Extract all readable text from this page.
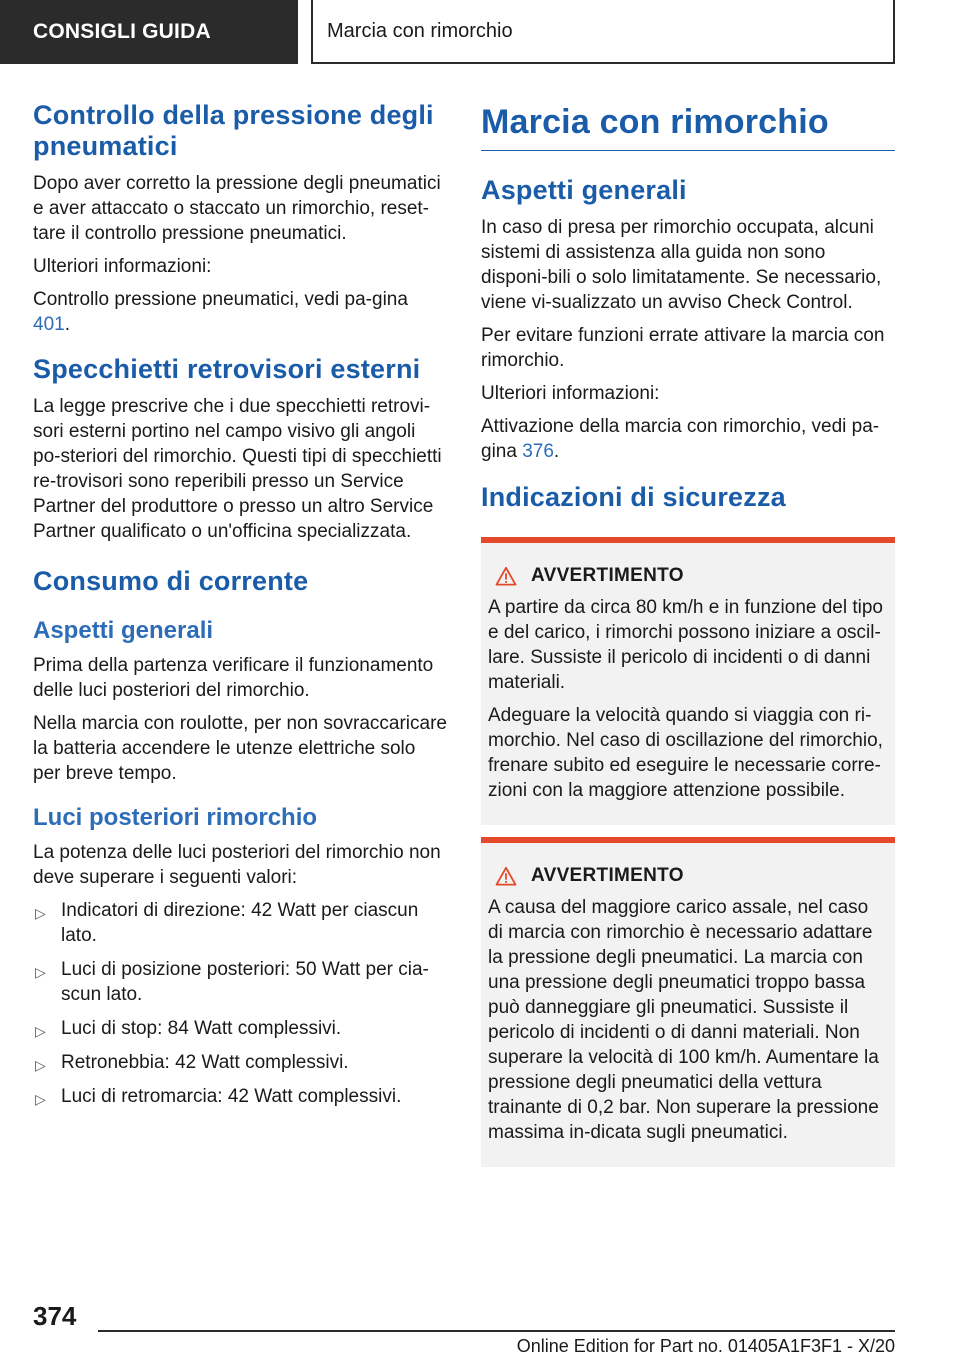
CONSIGLI GUIDA	Marcia con rimorchio
Controllo della pressione degli pneumatici

Dopo aver corretto la pressione degli pneumatici e aver attaccato o staccato un rimorchio, reset-tare il controllo pressione pneumatici.

Ulteriori informazioni:

Controllo pressione pneumatici, vedi pa-gina 401.

Specchietti retrovisori esterni

La legge prescrive che i due specchietti retrovi-sori esterni portino nel campo visivo gli angoli po-steriori del rimorchio. Questi tipi di specchietti re-trovisori sono reperibili presso un Service Partner del produttore o presso un altro Service Partner qualificato o un'officina specializzata.

Consumo di corrente
Aspetti generali

Prima della partenza verificare il funzionamento delle luci posteriori del rimorchio.

Nella marcia con roulotte, per non sovraccaricare la batteria accendere le utenze elettriche solo per breve tempo.

Luci posteriori rimorchio

La potenza delle luci posteriori del rimorchio non deve superare i seguenti valori:

▷ Indicatori di direzione: 42 Watt per ciascun lato.
▷ Luci di posizione posteriori: 50 Watt per cia-scun lato.
▷ Luci di stop: 84 Watt complessivi.
▷ Retronebbia: 42 Watt complessivi.
▷ Luci di retromarcia: 42 Watt complessivi.
Marcia con rimorchio
Aspetti generali

In caso di presa per rimorchio occupata, alcuni sistemi di assistenza alla guida non sono disponi-bili o solo limitatamente. Se necessario, viene vi-sualizzato un avviso Check Control.

Per evitare funzioni errate attivare la marcia con rimorchio.

Ulteriori informazioni:

Attivazione della marcia con rimorchio, vedi pa-gina 376.

Indicazioni di sicurezza
AVVERTIMENTO

A partire da circa 80 km/h e in funzione del tipo e del carico, i rimorchi possono iniziare a oscil-lare. Sussiste il pericolo di incidenti o di danni materiali.

Adeguare la velocità quando si viaggia con ri-morchio. Nel caso di oscillazione del rimorchio, frenare subito ed eseguire le necessarie corre-zioni con la maggiore attenzione possibile.

AVVERTIMENTO

A causa del maggiore carico assale, nel caso di marcia con rimorchio è necessario adattare la pressione degli pneumatici. La marcia con una pressione degli pneumatici troppo bassa può danneggiare gli pneumatici. Sussiste il pericolo di incidenti o di danni materiali. Non superare la velocità di 100 km/h. Aumentare la pressione degli pneumatici della vettura trainante di 0,2 bar. Non superare la pressione massima in-dicata sugli pneumatici.

374
Online Edition for Part no. 01405A1F3F1 - X/20
